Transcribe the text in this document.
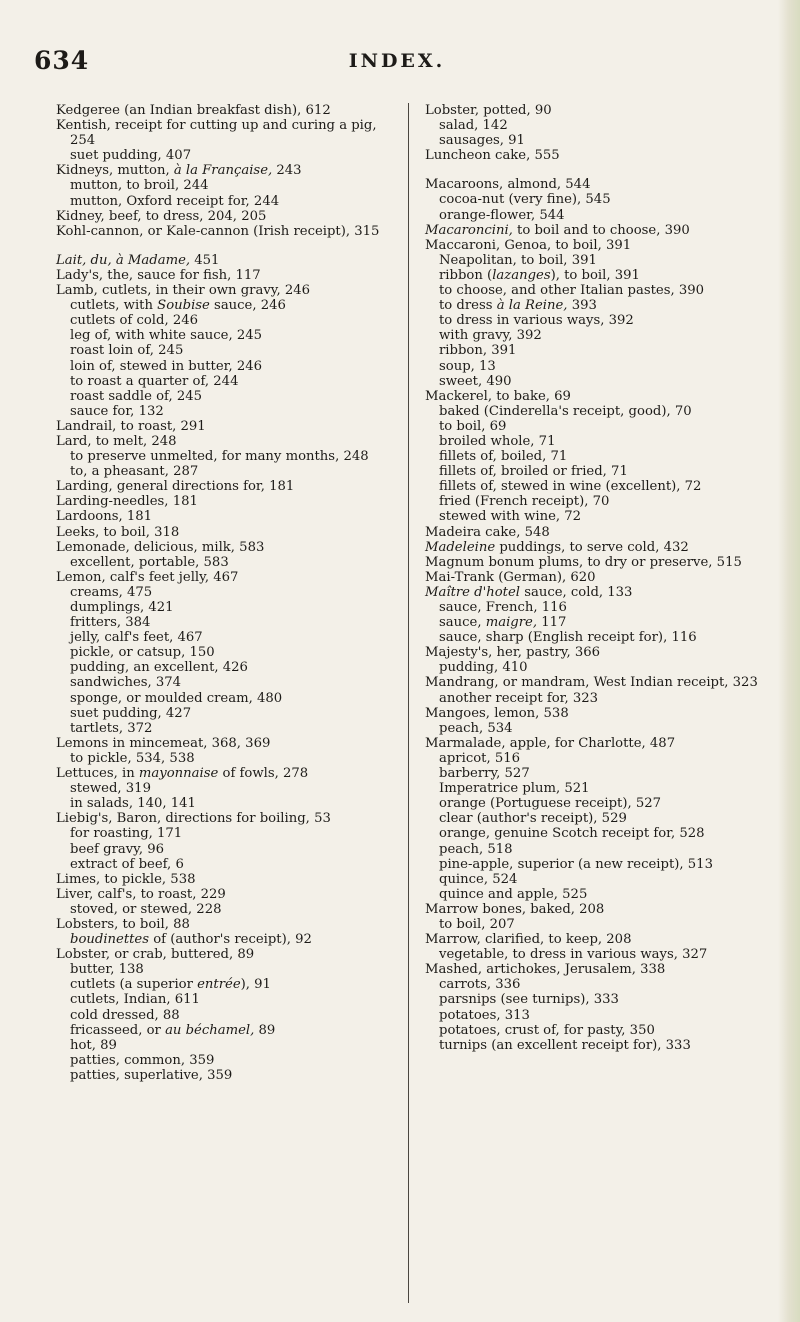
634	INDEX.
Kedgeree (an Indian breakfast dish), 612
Kentish, receipt for cutting up and curing a pig, 254
suet pudding, 407
Kidneys, mutton, à la Française, 243
mutton, to broil, 244
mutton, Oxford receipt for, 244
Kidney, beef, to dress, 204, 205
Kohl-cannon, or Kale-cannon (Irish receipt), 315
Lait, du, à Madame, 451
Lady's, the, sauce for fish, 117
Lamb, cutlets, in their own gravy, 246
cutlets, with Soubise sauce, 246
cutlets of cold, 246
leg of, with white sauce, 245
roast loin of, 245
loin of, stewed in butter, 246
to roast a quarter of, 244
roast saddle of, 245
sauce for, 132
Landrail, to roast, 291
Lard, to melt, 248
to preserve unmelted, for many months, 248
to, a pheasant, 287
Larding, general directions for, 181
Larding-needles, 181
Lardoons, 181
Leeks, to boil, 318
Lemonade, delicious, milk, 583
excellent, portable, 583
Lemon, calf's feet jelly, 467
creams, 475
dumplings, 421
fritters, 384
jelly, calf's feet, 467
pickle, or catsup, 150
pudding, an excellent, 426
sandwiches, 374
sponge, or moulded cream, 480
suet pudding, 427
tartlets, 372
Lemons in mincemeat, 368, 369
to pickle, 534, 538
Lettuces, in mayonnaise of fowls, 278
stewed, 319
in salads, 140, 141
Liebig's, Baron, directions for boiling, 53
for roasting, 171
beef gravy, 96
extract of beef, 6
Limes, to pickle, 538
Liver, calf's, to roast, 229
stoved, or stewed, 228
Lobsters, to boil, 88
boudinettes of (author's receipt), 92
Lobster, or crab, buttered, 89
butter, 138
cutlets (a superior entrée), 91
cutlets, Indian, 611
cold dressed, 88
fricasseed, or au béchamel, 89
hot, 89
patties, common, 359
patties, superlative, 359
Lobster, potted, 90
salad, 142
sausages, 91
Luncheon cake, 555
Macaroons, almond, 544
cocoa-nut (very fine), 545
orange-flower, 544
Macaroncini, to boil and to choose, 390
Maccaroni, Genoa, to boil, 391
Neapolitan, to boil, 391
ribbon (lazanges), to boil, 391
to choose, and other Italian pastes, 390
to dress à la Reine, 393
to dress in various ways, 392
with gravy, 392
ribbon, 391
soup, 13
sweet, 490
Mackerel, to bake, 69
baked (Cinderella's receipt, good), 70
to boil, 69
broiled whole, 71
fillets of, boiled, 71
fillets of, broiled or fried, 71
fillets of, stewed in wine (excellent), 72
fried (French receipt), 70
stewed with wine, 72
Madeira cake, 548
Madeleine puddings, to serve cold, 432
Magnum bonum plums, to dry or preserve, 515
Mai-Trank (German), 620
Maître d'hotel sauce, cold, 133
sauce, French, 116
sauce, maigre, 117
sauce, sharp (English receipt for), 116
Majesty's, her, pastry, 366
pudding, 410
Mandrang, or mandram, West Indian receipt, 323
another receipt for, 323
Mangoes, lemon, 538
peach, 534
Marmalade, apple, for Charlotte, 487
apricot, 516
barberry, 527
Imperatrice plum, 521
orange (Portuguese receipt), 527
clear (author's receipt), 529
orange, genuine Scotch receipt for, 528
peach, 518
pine-apple, superior (a new receipt), 513
quince, 524
quince and apple, 525
Marrow bones, baked, 208
to boil, 207
Marrow, clarified, to keep, 208
vegetable, to dress in various ways, 327
Mashed, artichokes, Jerusalem, 338
carrots, 336
parsnips (see turnips), 333
potatoes, 313
potatoes, crust of, for pasty, 350
turnips (an excellent receipt for), 333
